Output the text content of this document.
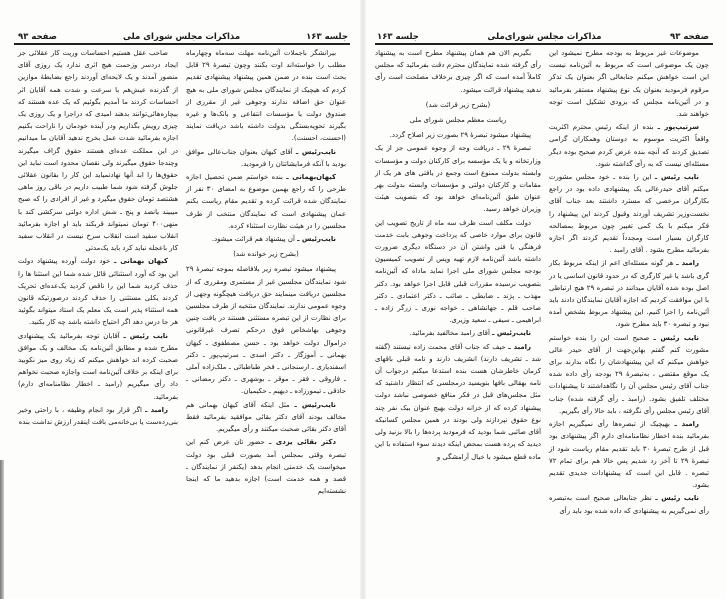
جلسه ۱۶۳
مذاکرات مجلس شورای ملی
صفحه ۹۳

بیرانشگر باجملات آئین‌نامه مهلت سه‌ماه وچهارماه مطلب را خواسته‌اند اوت بکنند وچون تبصرهٔ ۲۹ قابل بحث است بنده در ضمن همین پیشنهاد پیشنهادی تقدیم کردم که هیچیک از نمایندگان مجلس شورای ملی به هیچ عنوان حق اضافه ندارند وجوهی غیر از مقرری از صندوق دولت یا مؤسسات انتفاعی و بانک‌ها و غیره بگیرند تحویه‌بستگی بدولت داشته باشد دریافت نمایند (احسنت، احسنت).

نایب‌رئیس ـ آقای کیهان بعنوان جناب‌عالی موافق بودید با آنکه فرمایشاتتان را فرمودید.

کیهان‌بهمانی ـ بنده خواستم ضمن تحصیل اجازه طرحی را که راجع بهمین موضوع به امضای ۳۰ نفر از نمایندگان شده قرائت کرده و تقدیم مقام ریاست بکنم عمان پیشنهادی است که نمایندگان منتخب از طرف مجلسین را در هیئت نظارت استثناء کرده.

نایب‌رئیس ـ آن پیشنهاد هم قرائت میشود.

(بشرح زیر خوانده شد)

پیشنهاد میشود تبصره زیر بلافاصله بموجه تبصرهٔ ۲۹ شود نمایندگان مجلسین غیر از مستمری ومقرری که از مجلسین دریافت مینمایند حق دریافت هیچگونه وجهی از وجوه عمومی ندارند. نمایندگان منتخبه از طرف مجلسین برای نظارت از این تبصره مستثنی هستند در یافت چنین وجوهی بهاشخاص فوق درحکم تصرف غیرقانونی دراموال دولت خواهد بود ـ حسن مصطفوی ـ کیهان بهمانی ـ آموزگار ـ دکتر اسدی ـ سرتیپ‌پور ـ دکتر اسفندیاری ـ ارسنجانی ـ فخر طباطبائی ـ ملک‌زاده آملی ـ فاروقی ـ فقر ـ موقر ـ بوشهری ـ دکتر رمضانی ـ حاذقی ـ تیمورزاده ـ دیهیم ـ حکیمیان.

نایب‌رئیس ـ مثل اینکه آقای کیهان بهمانی هم مخالف بودند آقای دکتر بقائی موافقید بفرمائید فقط آقای دکتر بقائی صحبت میکنند و رأی میگیریم.

دکتر بقائی یزدی ـ حضور تان عرض کنم این تبصره وقتی بمجلس آمد بصورت قبلی بود دولت میخواست یک خدمتی انجام بدهد (یکنفر از نمایندگان ـ قصد و همه خدمت است) اجازه بدهید ما که اینجا نشسته‌ایم

صاحب عقل هستیم احساسات وریت کار عقلائی جز ایجاد دردسر وزحمت هیچ اثری ندارد یک روزی آقای منصور آمدند و یک لایحه‌ای آوردند راجع بضابطهٔ موازین از گذرنده عیش‌هم با سرعت و شدت همه آقایان اثر احساسات کردند ما آمدیم بگوئیم که یک عده هستند که بیچاره‌هائی‌توانند بدهند امیدی که دراجرا و یک روزی یک چیزی رویش بگذاریم ودر آینده خودمان را ناراحت بکنیم اجازه بفرمائید شدت عمل بخرج ندهید آقایان ما میدانیم در این مملکت عده‌ای هستند حقوق گزاف میگیرند وچندجا حقوق میگیرند ولی نقصان محدود است نباید این حقوق‌ها را ابد آنها نهاد‌نمیاید این کار را بقانون عقلائی جلوش گرفته شود شما طبیب داریم در باقی روز ماهی هشتصد تومان حقوق میگیرد و غیر از افرادی را که صبح میبیند یانصد و پنج ـ شش اداره دولتی سرکشی کند با منهی۴۰۰ تومان نمیتواند قربکند باید او اجازه بفرمائید انقلاب سفید است انقلاب سرخ نیست در انقلاب سفید کار باعجله نباید کرد باید یک‌مدتی

کیهان بهمانی ـ خود دولت آورده پیشنهاد دولت این بود که آورد استثنائی قائل شده شما این استثنا ها را حذف کردید شما این را ناقص کردید یک‌عده‌ای تحریک کردند یکلی مستثنی را حذف کردند درصورتیکه قانون همه استثناء پذیر است یک معلم یک استاد میتواند بگوئید هر جا درس دهد اگر احتیاج داشته باشد چه کار بکنید.

نایب رئیس ـ آقایان توجه بفرمائید یک پیشنهادی مطرح شده و مطابق آئین‌نامه یک مخالف و یک موافق صحبت کرده اند خواهش میکنم که زیاد روی میز نکوبید برای اینکه بر خلاف آئین‌نامه است واجازه صحبت نخواهم داد رأی میگیریم (رامبد ـ اخطار نظامنامه‌ای دارم) بفرمائید.

رامبد ـ اگر قرار بود انجام وظیفه ، با راحتی وخیر بنی‌رده‌ست یا بی‌خانه‌می بافت اینقدر ارزش نداشت بنده

صفحه ۹۳
مذاکرات مجلس شورای‌ملی
جلسه ۱۶۳

موضوعات غیر مربوط به بودجه مطرح نمیشود این چون یک موضوعی است که مربوط به آئین‌نامه نیست این است خواهش میکنم جنابعالی اگر بعنوان یک تذکر مرقوم فرمودید بعنوان یک نوع پیشنهاد مستقر بفرمائید و در آئین‌نامه مجلس که بزودی تشکیل است توجه خواهند شد.

سرتیپ‌پور ـ بنده از اینکه رئیس محترم اکثریت واقعاً اکثریت موسوم به دوستان وهمکاران گرامی تصدیق کردند که آنچه بنده عرض کردم صحیح بوده دیگر مسئله‌ای نیست که به رأی گذاشته شود.

نایب رئیس ـ این را بنده ـ خود مجلس مشورت میکنم آقای حیدرعالی یک پیشنهادی داده بود در راجع بکارگران مرخصی که مسترد داشتند بعد جناب آقای نخست‌وزیر تشریف آوردند وقبول کردند این پیشنهاد را فکر میکنم با یک کمی تغییر چون مربوط بمصالحه کارگران بسیار است ومجدداً تقدیم کردند اگر اجازه بفرمائید مطرح بشود . آقای رامبد .

رامبد ـ هر گونه مسئله‌ای اعم از اینکه مربوط بکار گری باشد یا غیر کارگری که در حدود قانون اساسی یا در اصل بوده شده آقایان میدانند در تبصره ۲۹ هیچ ارتباطی با این موافقت کردیم که اجازه آقایان نمایندگان دادند باید آئین‌نامه را اجرا کنیم. این پیشنهاد مربوط بشخص آمده نبود و تبصره ۳۰ باید مطرح شود.

نایب رئیس ـ صحیح است این را بنده خواستم مشورت کنم گفتم بهاین‌جهت از آقای حیدر عالی خواهش میکنم که این پیشنهادشان را نگاه بدارند برای یک موقع مقتضی ، به‌تبصرهٔ ۲۹ بودجه رأی داده شده جناب آقای رئیس مجلس آن را نگاهداشتند تا پیشنهادات مختلف تلفیق بشود. (رامبد ـ رأی گرفته شده) جناب آقای رئیس مجلس رأی نگرفته ، باید حالا رأی بگیریم.

رامبد ـ بهیچیک از تبصره‌ها رأی نمیگیریم اجازه بفرمائید بنده اخطار نظامنامه‌ای دارم اگر پیشنهادی بود قبل از طرح تبصرهٔ ۳۰ باید تقدیم مقام ریاست شود از تبصرهٔ ۲۹ تا آخر رد شدیم پس حالا هم برای تمام ۷۲ تبصره . قابل این است که پیشنهادات جدیدی تقدیم بشود.

نایب رئیس ـ نظر جنابعالی صحیح است به‌تبصره رأی نمی‌گیریم به پیشنهادی که داده شده بود باید رأی

بگیریم الان هم همان پیشنهاد مطرح است به پیشنهاد رأی گرفته شده نمایندگان محترم دقت بفرمائید که مجلس کاملاً آمده است که اگر چیزی برخلاف مصلحت است رأی ندهید پیشنهاد قرائت میشود.

(بشرح زیر قرائت شد)

ریاست معظم مجلس شورای ملی

پیشنهاد میشود تبصرهٔ ۲۹ بصورت زیر اصلاح گردد.

تبصرهٔ ۲۹ ـ دریافت وجه از وجوه عمومی جز از یک وزارتخانه و یا یک مؤسسه برای کارکنان دولت و مؤسسات وابسته بدولت ممنوع است وجمع در یافتی های هر یک از مقامات و کارکنان دولتی و مؤسسات وابسته بدولت بهر عنوان طبق آئین‌نامه‌ای خواهد بود که بتصویب هیئت وزیران خواهد رسید.

دولت مکلف است ظرف سه ماه از تاریخ تصویب این قانون برای موارد خاصی که پرداخت وجوهی بابت خدمت فرهنگی یا فنی واشتن آن در دستگاه دیگری ضرورت داشته باشد آئین‌نامه لازم تهیه وپس از تصویب کمیسیون بودجه مجلس شورای ملی اجرا نماید ماداه که آئین‌نامه بتصویب نرسیده مقررات قبلی قابل اجرا خواهد بود. دکتر مهذب ـ پژند ـ ضابطی ـ صائب ـ دکتر اعتمادی ـ دکتر صاحب قلم ـ جهانشاهی ـ خواجه نوری ـ زرگر زاده ـ ابراهیمی ـ سیفی ـ سعید وزیری.

نایب‌رئیس ـ آقای رامبد مخالفید بفرمائید.

رامبد ـ حیف که جناب آقای محمت زاده نیستند (گفته شد ـ تشریف دارند) انشریف دارند و نامه قبلی باقهای کرمان خاطرشان هست بنده استدعا میکنم درجواب آن نامه بهقالی بافها بنویسید درمجلسی که انتظار داشتید که مثل مجلس‌های قبل در فکر منافع خصوصی نباشد دولت پیشنهاد کرده که از خزانه دولت بهیچ عنوان بیک نفر چند نوع حقوق نپردازند ولی بودند در همین مجلس کسانیکه آقای صائبی شما بودید که فرمودید پرده‌ها را بالا بزنید ولی دیدید که پرده هست بمحض اینکه دیدند سوء استفاده با این ماده قطع میشود با خیال آرامشگی و
